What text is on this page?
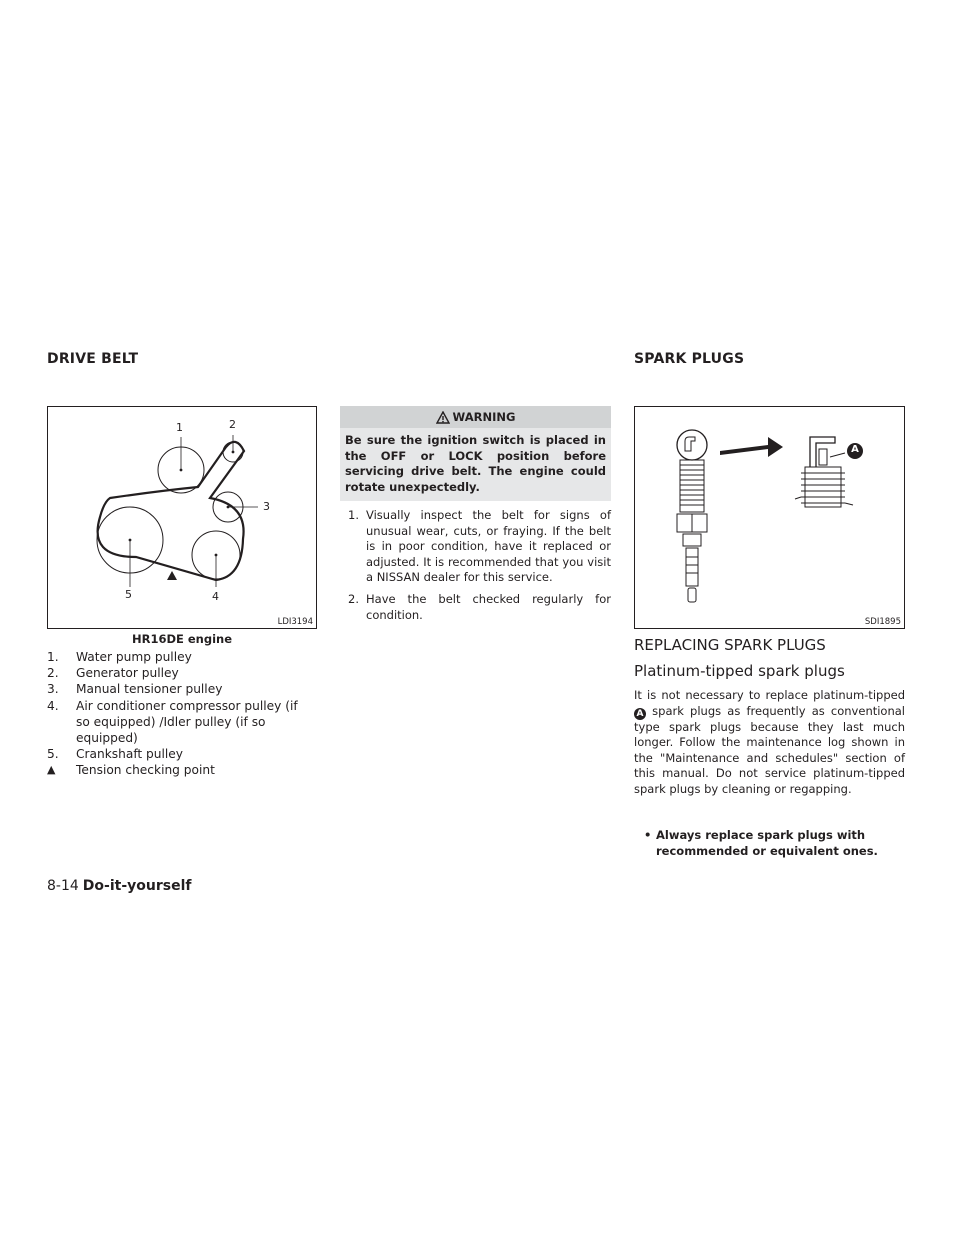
DRIVE BELT	SPARK PLUGS
1	2
3
4
5
LDI3194
HR16DE engine
1. Water pump pulley
2. Generator pulley
3. Manual tensioner pulley
4. Air conditioner compressor pulley (if so equipped) /Idler pulley (if so equipped)
5. Crankshaft pulley
▲ Tension checking point
WARNING
Be sure the ignition switch is placed in the OFF or LOCK position before servicing drive belt. The engine could rotate unexpectedly.
1. Visually inspect the belt for signs of unusual wear, cuts, or fraying. If the belt is in poor condition, have it replaced or adjusted. It is recommended that you visit a NISSAN dealer for this service.
2. Have the belt checked regularly for condition.
A
SDI1895
REPLACING SPARK PLUGS
Platinum-tipped spark plugs
It is not necessary to replace platinum-tipped A spark plugs as frequently as conventional type spark plugs because they last much longer. Follow the maintenance log shown in the "Maintenance and schedules" section of this manual. Do not service platinum-tipped spark plugs by cleaning or regapping.
• Always replace spark plugs with recommended or equivalent ones.
8-14 Do-it-yourself
